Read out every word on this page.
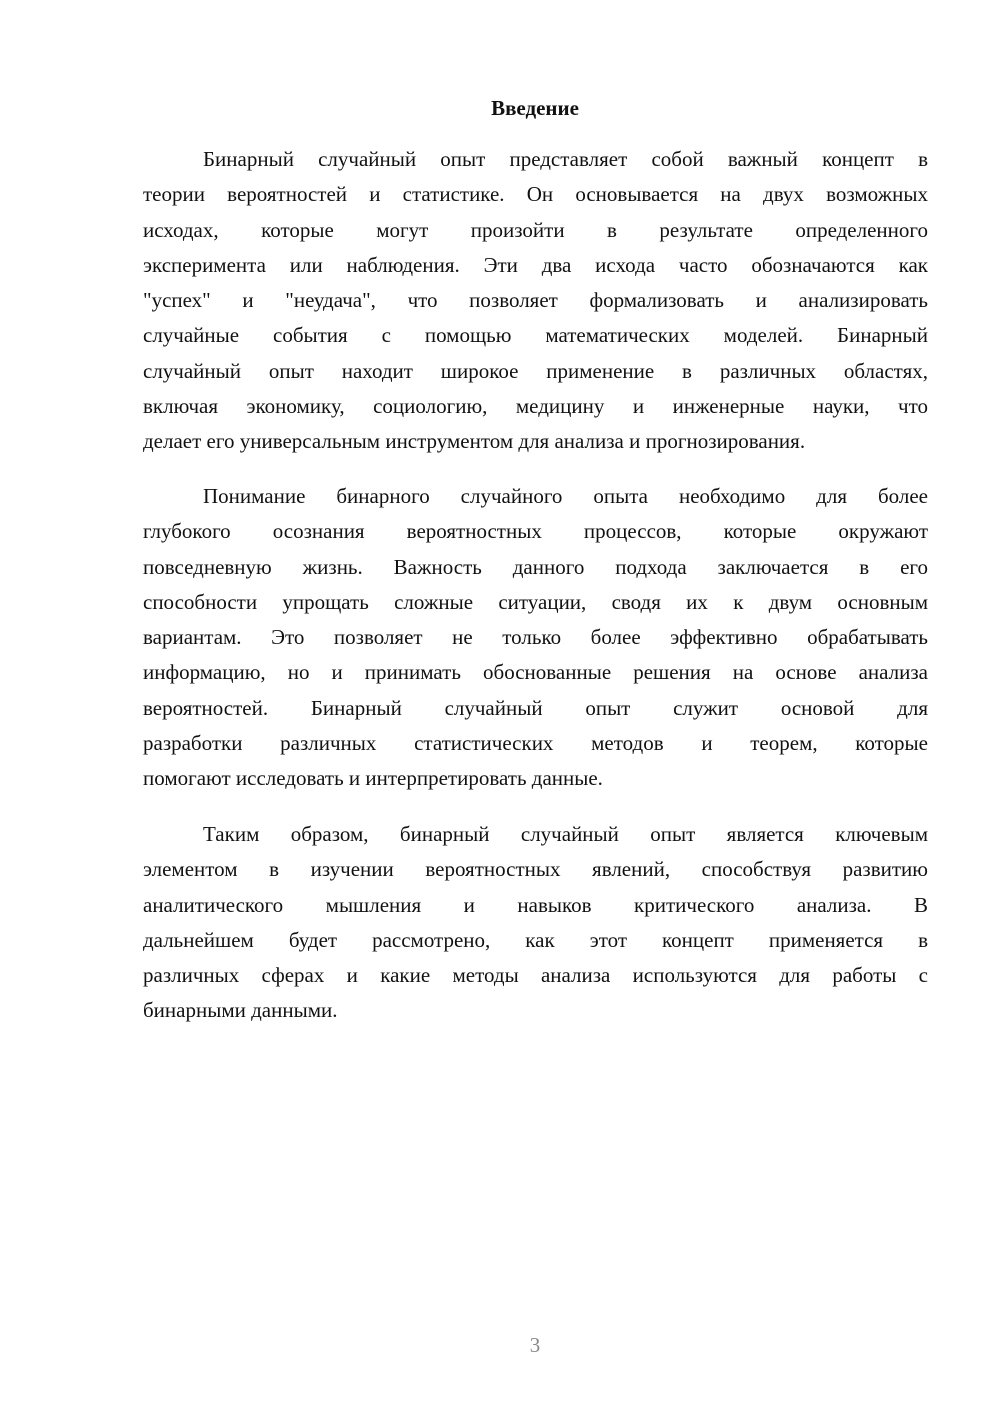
Введение
Бинарный случайный опыт представляет собой важный концепт в
теории вероятностей и статистике. Он основывается на двух возможных
исходах, которые могут произойти в результате определенного
эксперимента или наблюдения. Эти два исхода часто обозначаются как
"успех" и "неудача", что позволяет формализовать и анализировать
случайные события с помощью математических моделей. Бинарный
случайный опыт находит широкое применение в различных областях,
включая экономику, социологию, медицину и инженерные науки, что
делает его универсальным инструментом для анализа и прогнозирования.
Понимание бинарного случайного опыта необходимо для более
глубокого осознания вероятностных процессов, которые окружают
повседневную жизнь. Важность данного подхода заключается в его
способности упрощать сложные ситуации, сводя их к двум основным
вариантам. Это позволяет не только более эффективно обрабатывать
информацию, но и принимать обоснованные решения на основе анализа
вероятностей. Бинарный случайный опыт служит основой для
разработки различных статистических методов и теорем, которые
помогают исследовать и интерпретировать данные.
Таким образом, бинарный случайный опыт является ключевым
элементом в изучении вероятностных явлений, способствуя развитию
аналитического мышления и навыков критического анализа. В
дальнейшем будет рассмотрено, как этот концепт применяется в
различных сферах и какие методы анализа используются для работы с
бинарными данными.
3
